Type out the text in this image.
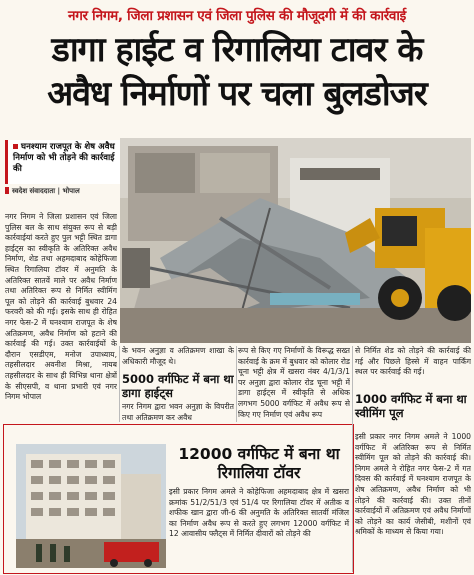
नगर निगम, जिला प्रशासन एवं जिला पुलिस की मौजूदगी में की कार्रवाई
डागा हाईट व रिगालिया टावर के
अवैध निर्माणों पर चला बुलडोजर
घनश्याम राजपूत के शेष अवैध निर्माण को भी तोड़ने की कार्रवाई की
स्वदेश संवाददाता | भोपाल
नगर निगम ने जिला प्रशासन एवं जिला पुलिस बल के साथ संयुक्त रूप से बड़ी कार्रवाईयां करते हुए पुल भट्टी स्थित डागा हाईट्स का स्वीकृति के अतिरिक्त अवैध निर्माण, शेड तथा अहमदाबाद कोहेफिजा स्थित रिगालिया टॉवर में अनुमति के अतिरिक्त सातवें माले पर अवैध निर्माण तथा अतिरिक्त रूप से निर्मित स्वीमिंग पूल को तोड़ने की कार्रवाई बुधवार 24 फरवरी को की गई। इसके साथ ही रोहित नगर फेस-2 में घनश्याम राजपूत के शेष अतिक्रमण, अवैध निर्माण को हटाने की कार्रवाई की गई। उक्त कार्रवाईयों के दौरान एसडीएम, मनोज उपाध्याय, तहसीलदार अवनीश मिश्रा, नायब तहसीलदार के साथ ही विभिन्न थाना क्षेत्रों के सीएसपी, व थाना प्रभारी एवं नगर निगम भोपाल
के भवन अनुज्ञा व अतिक्रमण शाखा के अधिकारी मौजूद थे।
5000 वर्गफिट में बना था डागा हाईट्स
नगर निगम द्वारा भवन अनुज्ञा के विपरीत तथा अतिक्रमण कर अवैध
रूप से किए गए निर्माणों के विरूद्ध सख्त कार्रवाई के क्रम में बुधवार को कोलार रोड चूना भट्टी क्षेत्र में खसरा नंबर 4/1/3/1 पर अनुज्ञा द्वारा कोलार रोड चूना भट्टी में डागा हाईट्स में स्वीकृति से अधिक लगभग 5000 वर्गफिट में अवैध रूप से किए गए निर्माण एवं अवैध रूप
से निर्मित शेड को तोड़ने की कार्रवाई की गई और पिछले हिस्से में वाहन पार्किंग स्थल पर कार्रवाई की गई।
1000 वर्गफिट में बना था स्वीमिंग पूल
इसी प्रकार नगर निगम अमले ने 1000 वर्गफिट में अतिरिक्त रूप से निर्मित स्वीमिंग पूल को तोड़ने की कार्रवाई की। निगम अमले ने रोहित नगर फेस-2 में गत दिवस की कार्रवाई में घनश्याम राजपूत के शेष अतिक्रमण, अवैध निर्माण को भी तोड़ने की कार्रवाई की। उक्त तीनों कार्रवाईयों में अतिक्रमण एवं अवैध निर्माणों को तोड़ने का कार्य जेसीबी, मशीनों एवं श्रमिकों के माध्यम से किया गया।
12000 वर्गफिट में बना था रिगालिया टॉवर
इसी प्रकार निगम अमले ने कोहेफिजा अहमदाबाद क्षेत्र में खसरा क्रमांक 51/2/51/3 एवं 51/4 पर रिगालिया टॉवर में अतीक व शफीक खान द्वारा जी-6 की अनुमति के अतिरिक्त सातवीं मंजिल का निर्माण अवैध रूप से करते हुए लगभग 12000 वर्गफिट में 12 आवासीय फ्लैट्स में निर्मित दीवारों को तोड़ने की
